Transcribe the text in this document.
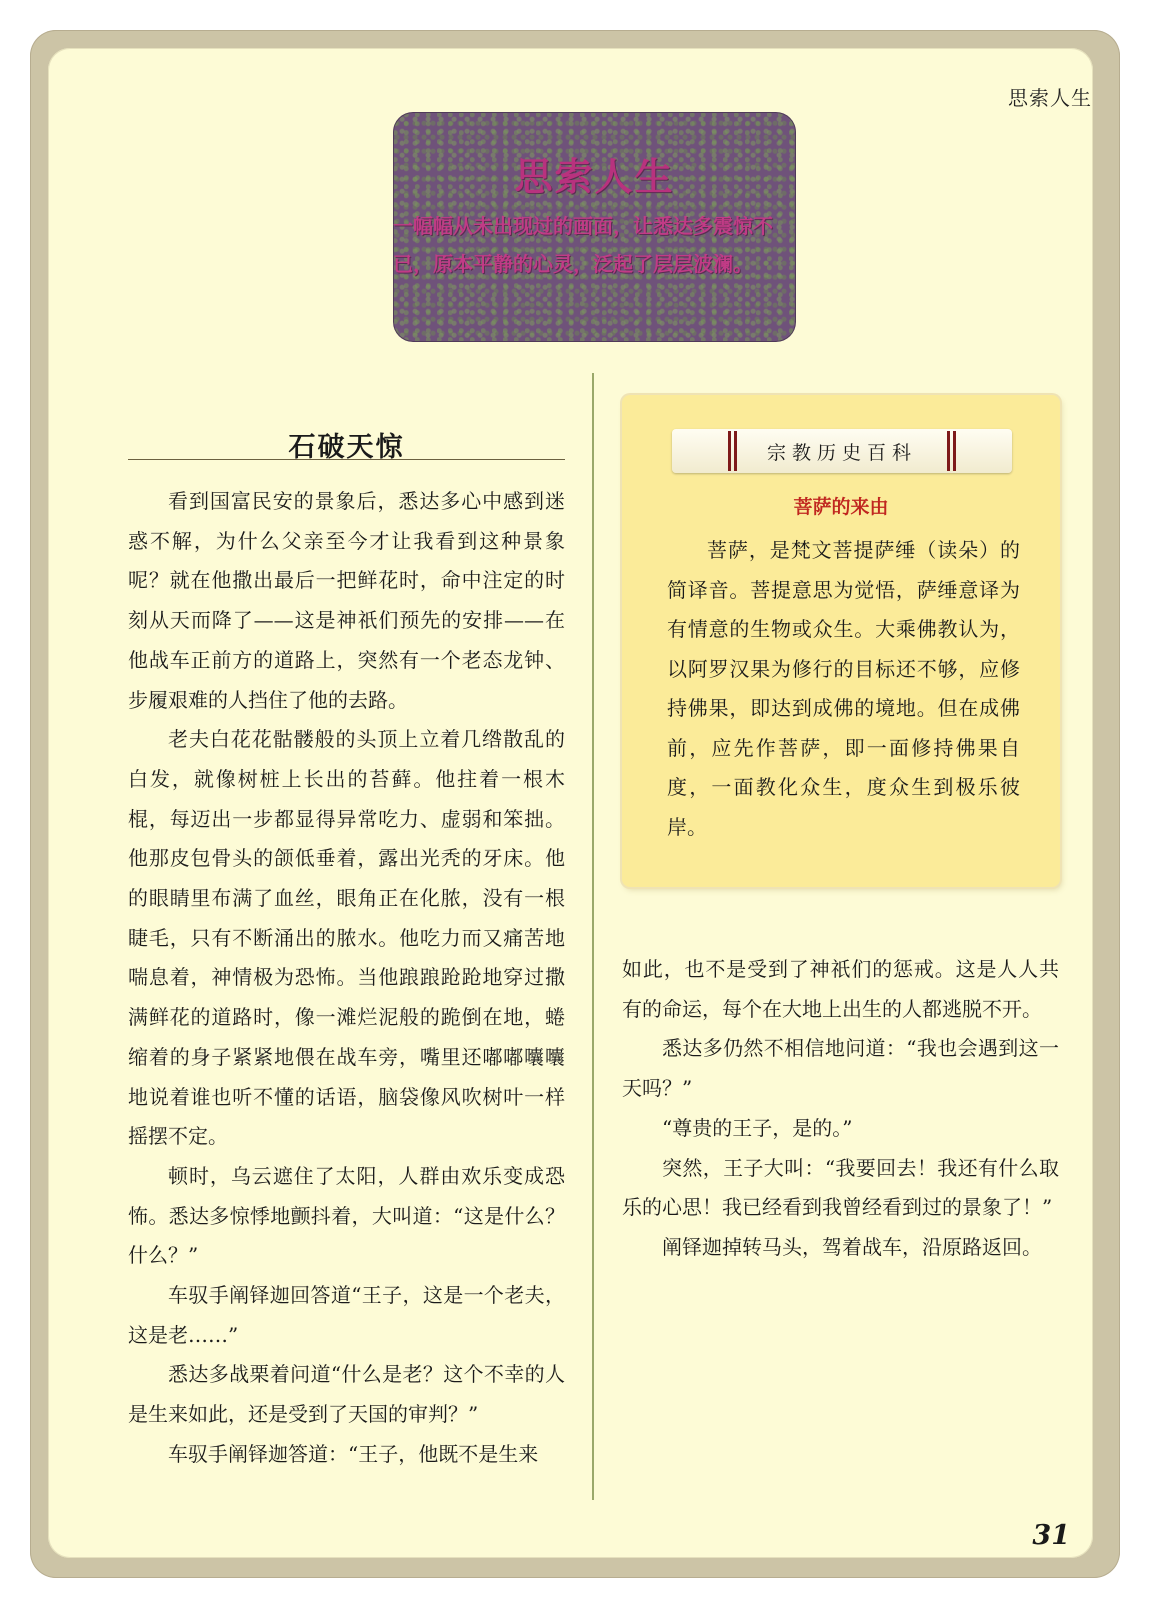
思索人生
思索人生
一幅幅从未出现过的画面，让悉达多震惊不已，原本平静的心灵，泛起了层层波澜。
石破天惊

看到国富民安的景象后，悉达多心中感到迷惑不解，为什么父亲至今才让我看到这种景象呢？就在他撒出最后一把鲜花时，命中注定的时刻从天而降了——这是神祇们预先的安排——在他战车正前方的道路上，突然有一个老态龙钟、步履艰难的人挡住了他的去路。

老夫白花花骷髅般的头顶上立着几绺散乱的白发，就像树桩上长出的苔藓。他拄着一根木棍，每迈出一步都显得异常吃力、虚弱和笨拙。他那皮包骨头的颌低垂着，露出光秃的牙床。他的眼睛里布满了血丝，眼角正在化脓，没有一根睫毛，只有不断涌出的脓水。他吃力而又痛苦地喘息着，神情极为恐怖。当他踉踉跄跄地穿过撒满鲜花的道路时，像一滩烂泥般的跪倒在地，蜷缩着的身子紧紧地偎在战车旁，嘴里还嘟嘟囔囔地说着谁也听不懂的话语，脑袋像风吹树叶一样摇摆不定。

顿时，乌云遮住了太阳，人群由欢乐变成恐怖。悉达多惊悸地颤抖着，大叫道：“这是什么？什么？”

车驭手阐铎迦回答道“王子，这是一个老夫，这是老……”

悉达多战栗着问道“什么是老？这个不幸的人是生来如此，还是受到了天国的审判？”

车驭手阐铎迦答道：“王子，他既不是生来

宗教历史百科
菩萨的来由

菩萨，是梵文菩提萨缍（读朵）的简译音。菩提意思为觉悟，萨缍意译为有情意的生物或众生。大乘佛教认为，以阿罗汉果为修行的目标还不够，应修持佛果，即达到成佛的境地。但在成佛前，应先作菩萨，即一面修持佛果自度，一面教化众生，度众生到极乐彼岸。

如此，也不是受到了神祇们的惩戒。这是人人共有的命运，每个在大地上出生的人都逃脱不开。

悉达多仍然不相信地问道：“我也会遇到这一天吗？”

“尊贵的王子，是的。”

突然，王子大叫：“我要回去！我还有什么取乐的心思！我已经看到我曾经看到过的景象了！”

阐铎迦掉转马头，驾着战车，沿原路返回。

31
